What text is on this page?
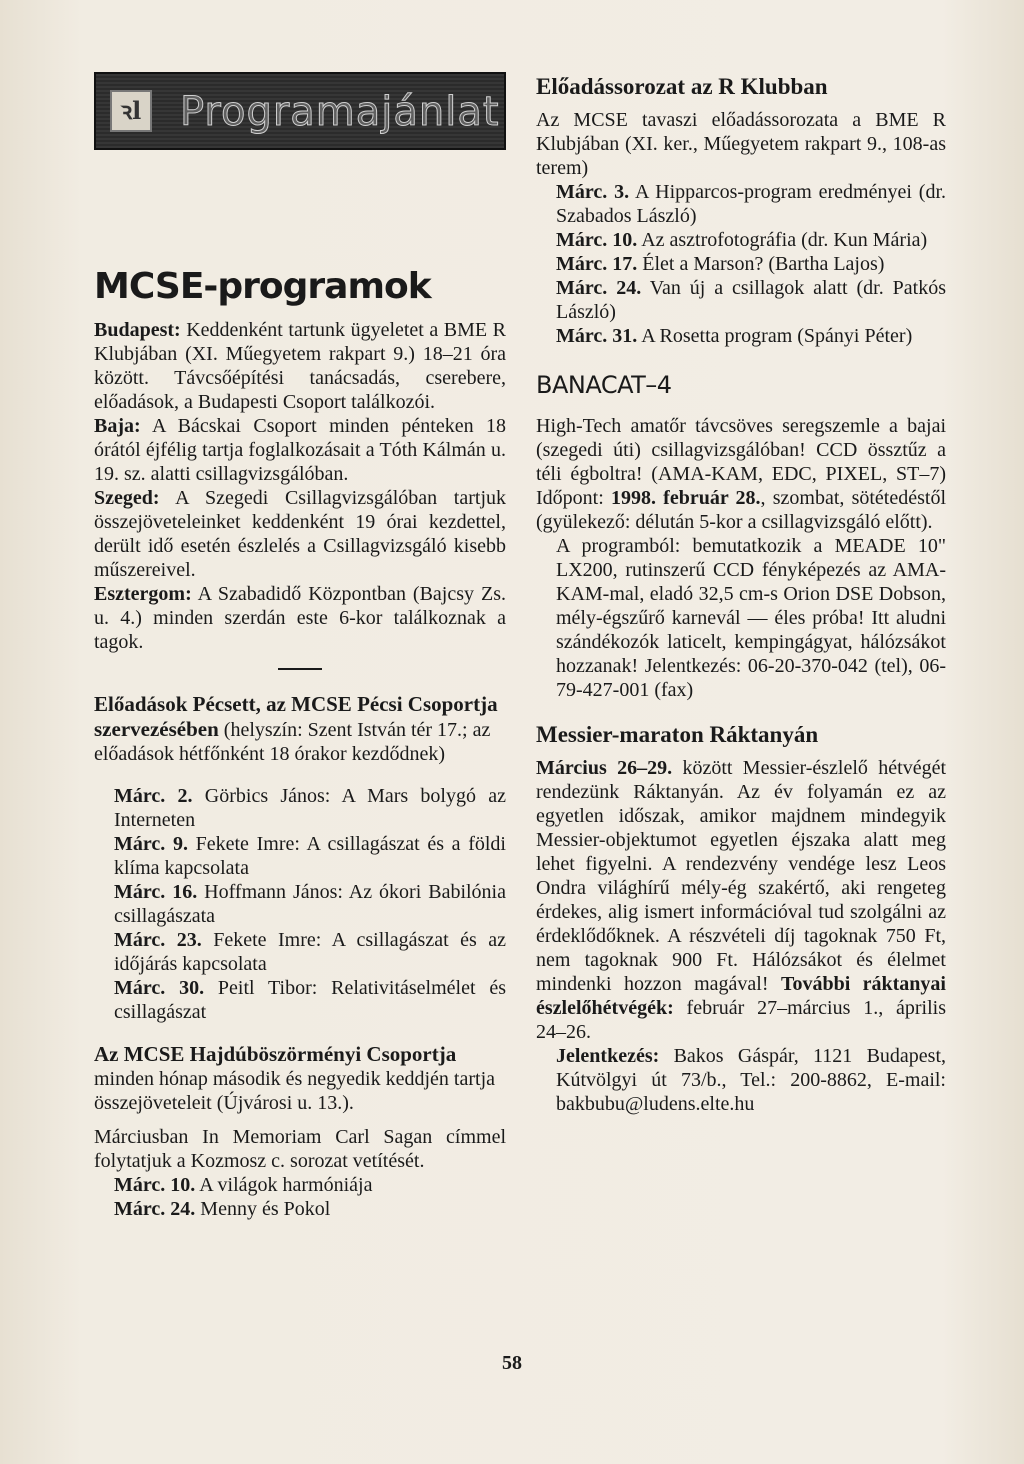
ꝛl Programajánlat
MCSE-programok

Budapest: Keddenként tartunk ügyeletet a BME R Klubjában (XI. Műegyetem rakpart 9.) 18–21 óra között. Távcsőépítési tanácsadás, cserebere, előadások, a Budapesti Csoport találkozói.

Baja: A Bácskai Csoport minden pénteken 18 órától éjfélig tartja foglalkozásait a Tóth Kálmán u. 19. sz. alatti csillagvizsgálóban.

Szeged: A Szegedi Csillagvizsgálóban tartjuk összejöveteleinket keddenként 19 órai kezdettel, derült idő esetén észlelés a Csillagvizsgáló kisebb műszereivel.

Esztergom: A Szabadidő Központban (Bajcsy Zs. u. 4.) minden szerdán este 6-kor találkoznak a tagok.

Előadások Pécsett, az MCSE Pécsi Csoportja szervezésében (helyszín: Szent István tér 17.; az előadások hétfőnként 18 órakor kezdődnek)

Márc. 2. Görbics János: A Mars bolygó az Interneten

Márc. 9. Fekete Imre: A csillagászat és a földi klíma kapcsolata

Márc. 16. Hoffmann János: Az ókori Babilónia csillagászata

Márc. 23. Fekete Imre: A csillagászat és az időjárás kapcsolata

Márc. 30. Peitl Tibor: Relativitáselmélet és csillagászat

Az MCSE Hajdúböszörményi Csoportja minden hónap második és negyedik keddjén tartja összejöveteleit (Újvárosi u. 13.).

Márciusban In Memoriam Carl Sagan címmel folytatjuk a Kozmosz c. sorozat vetítését.

Márc. 10. A világok harmóniája

Márc. 24. Menny és Pokol

Előadássorozat az R Klubban

Az MCSE tavaszi előadássorozata a BME R Klubjában (XI. ker., Műegyetem rakpart 9., 108-as terem)

Márc. 3. A Hipparcos-program eredményei (dr. Szabados László)

Márc. 10. Az asztrofotográfia (dr. Kun Mária)

Márc. 17. Élet a Marson? (Bartha Lajos)

Márc. 24. Van új a csillagok alatt (dr. Patkós László)

Márc. 31. A Rosetta program (Spányi Péter)

BANACAT–4

High-Tech amatőr távcsöves seregszemle a bajai (szegedi úti) csillagvizsgálóban! CCD össztűz a téli égboltra! (AMA-KAM, EDC, PIXEL, ST–7) Időpont: 1998. február 28., szombat, sötétedéstől (gyülekező: délután 5-kor a csillagvizsgáló előtt).

A programból: bemutatkozik a MEADE 10" LX200, rutinszerű CCD fényképezés az AMA-KAM-mal, eladó 32,5 cm-s Orion DSE Dobson, mély-égszűrő karnevál — éles próba! Itt aludni szándékozók laticelt, kempingágyat, hálózsákot hozzanak! Jelentkezés: 06-20-370-042 (tel), 06-79-427-001 (fax)

Messier-maraton Ráktanyán

Március 26–29. között Messier-észlelő hétvégét rendezünk Ráktanyán. Az év folyamán ez az egyetlen időszak, amikor majdnem mindegyik Messier-objektumot egyetlen éjszaka alatt meg lehet figyelni. A rendezvény vendége lesz Leos Ondra világhírű mély-ég szakértő, aki rengeteg érdekes, alig ismert információval tud szolgálni az érdeklődőknek. A részvételi díj tagoknak 750 Ft, nem tagoknak 900 Ft. Hálózsákot és élelmet mindenki hozzon magával! További ráktanyai észlelőhétvégék: február 27–március 1., április 24–26.

Jelentkezés: Bakos Gáspár, 1121 Budapest, Kútvölgyi út 73/b., Tel.: 200-8862, E-mail: bakbubu@ludens.elte.hu

58
